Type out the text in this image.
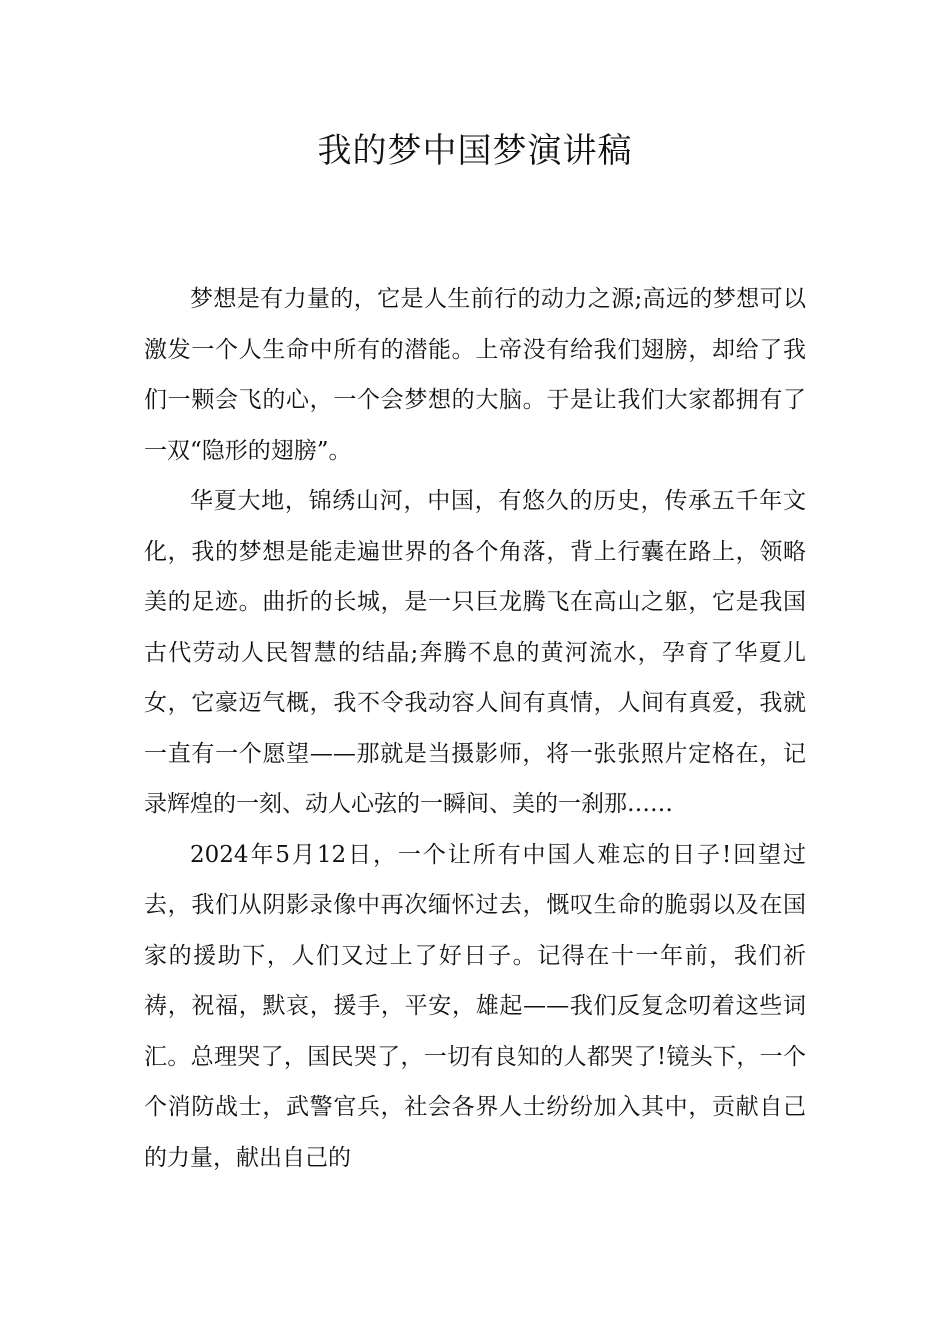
我的梦中国梦演讲稿

梦想是有力量的，它是人生前行的动力之源;高远的梦想可以激发一个人生命中所有的潜能。上帝没有给我们翅膀，却给了我们一颗会飞的心，一个会梦想的大脑。于是让我们大家都拥有了一双“隐形的翅膀”。

华夏大地，锦绣山河，中国，有悠久的历史，传承五千年文化，我的梦想是能走遍世界的各个角落，背上行囊在路上，领略美的足迹。曲折的长城，是一只巨龙腾飞在高山之躯，它是我国古代劳动人民智慧的结晶;奔腾不息的黄河流水，孕育了华夏儿女，它豪迈气概，我不令我动容人间有真情，人间有真爱，我就一直有一个愿望——那就是当摄影师，将一张张照片定格在，记录辉煌的一刻、动人心弦的一瞬间、美的一刹那……

2024年5月12日，一个让所有中国人难忘的日子!回望过去，我们从阴影录像中再次缅怀过去，慨叹生命的脆弱以及在国家的援助下，人们又过上了好日子。记得在十一年前，我们祈祷，祝福，默哀，援手，平安，雄起——我们反复念叨着这些词汇。总理哭了，国民哭了，一切有良知的人都哭了!镜头下，一个个消防战士，武警官兵，社会各界人士纷纷加入其中，贡献自己的力量，献出自己的
